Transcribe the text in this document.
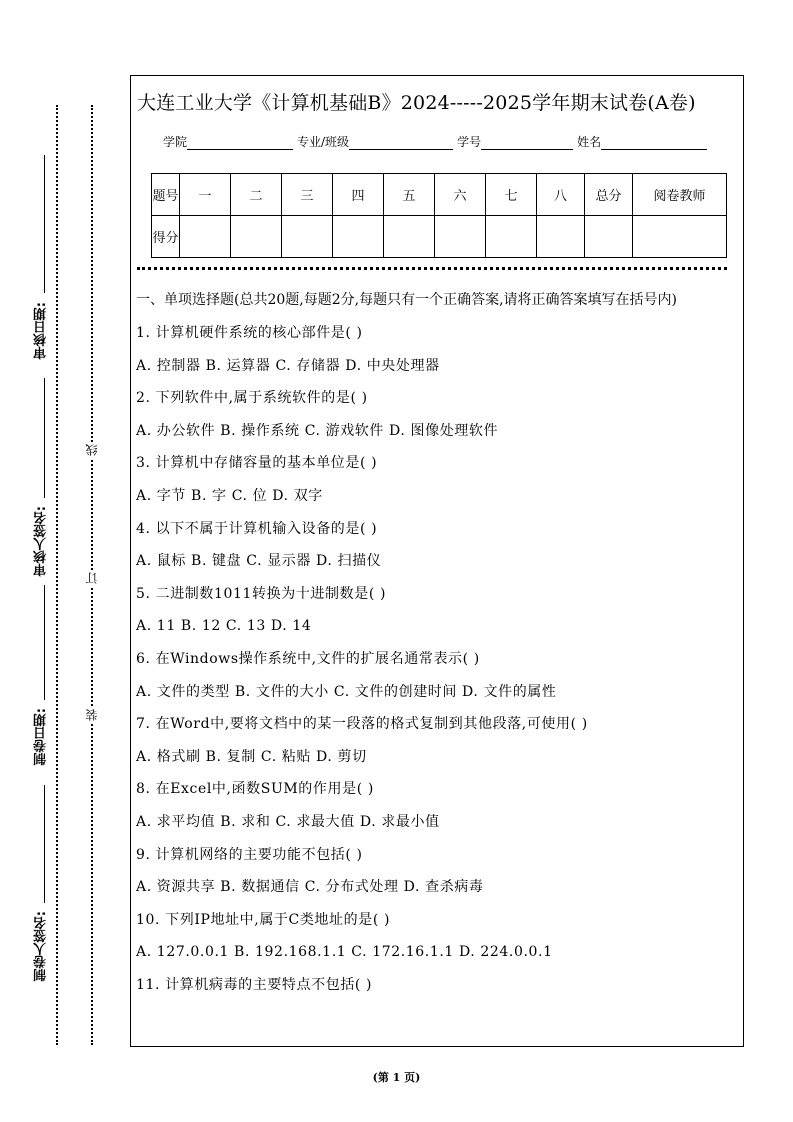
审核日期:
审核人签名:
制卷日期:
制卷人签名:
线
订
装
大连工业大学《计算机基础B》2024-----2025学年期末试卷(A卷)
学院	专业/班级	学号	姓名
题号	一	二	三	四	五	六	七	八	总分	阅卷教师
得分										

一、单项选择题(总共20题,每题2分,每题只有一个正确答案,请将正确答案填写在括号内)

1. 计算机硬件系统的核心部件是( )
A. 控制器 B. 运算器 C. 存储器 D. 中央处理器
2. 下列软件中,属于系统软件的是( )
A. 办公软件 B. 操作系统 C. 游戏软件 D. 图像处理软件
3. 计算机中存储容量的基本单位是( )
A. 字节 B. 字 C. 位 D. 双字
4. 以下不属于计算机输入设备的是( )
A. 鼠标 B. 键盘 C. 显示器 D. 扫描仪
5. 二进制数1011转换为十进制数是( )
A. 11 B. 12 C. 13 D. 14
6. 在Windows操作系统中,文件的扩展名通常表示( )
A. 文件的类型 B. 文件的大小 C. 文件的创建时间 D. 文件的属性
7. 在Word中,要将文档中的某一段落的格式复制到其他段落,可使用( )
A. 格式刷 B. 复制 C. 粘贴 D. 剪切
8. 在Excel中,函数SUM的作用是( )
A. 求平均值 B. 求和 C. 求最大值 D. 求最小值
9. 计算机网络的主要功能不包括( )
A. 资源共享 B. 数据通信 C. 分布式处理 D. 查杀病毒
10. 下列IP地址中,属于C类地址的是( )
A. 127.0.0.1 B. 192.168.1.1 C. 172.16.1.1 D. 224.0.0.1
11. 计算机病毒的主要特点不包括( )
(第 1 页)
